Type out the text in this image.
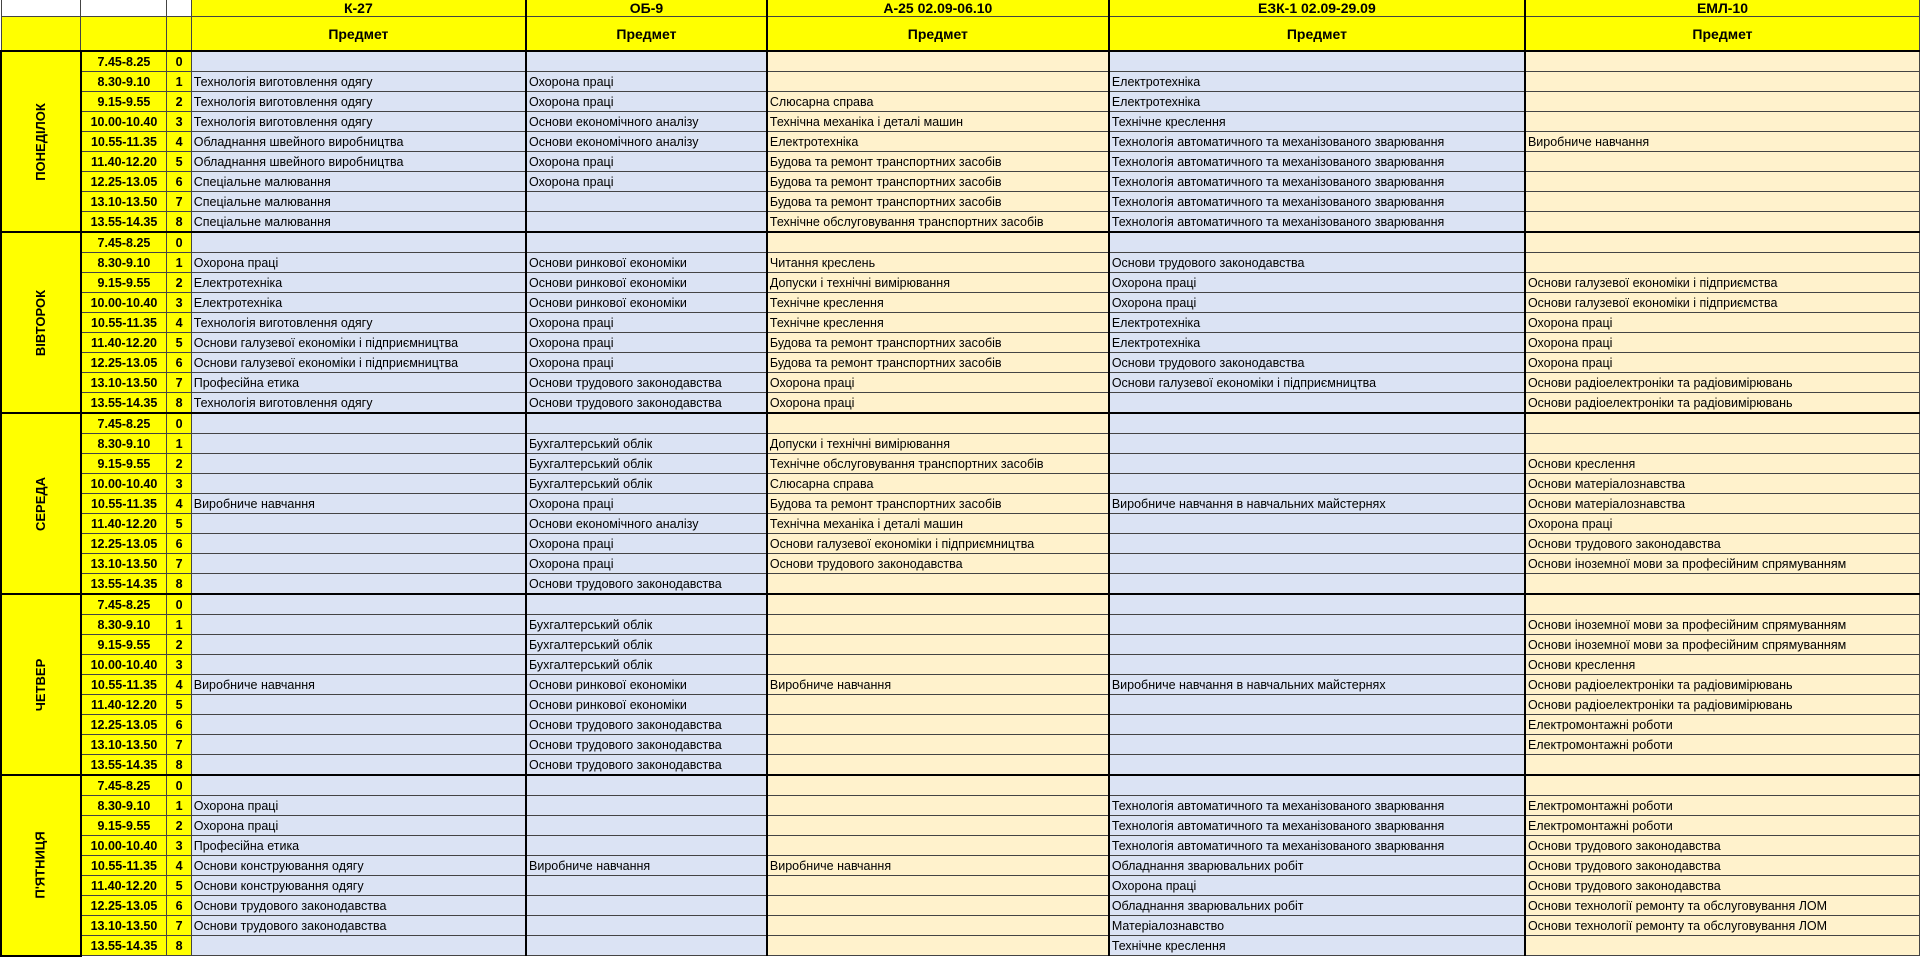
			К-27	ОБ-9	А-25 02.09-06.10	ЕЗК-1 02.09-29.09	ЕМЛ-10
			Предмет	Предмет	Предмет	Предмет	Предмет
ПОНЕДІЛОК	7.45-8.25	0					
	8.30-9.10	1	Технологія виготовлення одягу	Охорона праці		Електротехніка	
	9.15-9.55	2	Технологія виготовлення одягу	Охорона праці	Слюсарна справа	Електротехніка	
	10.00-10.40	3	Технологія виготовлення одягу	Основи економічного аналізу	Технічна механіка і деталі машин	Технічне креслення	
	10.55-11.35	4	Обладнання швейного виробництва	Основи економічного аналізу	Електротехніка	Технологія автоматичного та механізованого зварювання	Виробниче навчання
	11.40-12.20	5	Обладнання швейного виробництва	Охорона праці	Будова та ремонт транспортних засобів	Технологія автоматичного та механізованого зварювання	
	12.25-13.05	6	Спеціальне малювання	Охорона праці	Будова та ремонт транспортних засобів	Технологія автоматичного та механізованого зварювання	
	13.10-13.50	7	Спеціальне малювання		Будова та ремонт транспортних засобів	Технологія автоматичного та механізованого зварювання	
	13.55-14.35	8	Спеціальне малювання		Технічне обслуговування транспортних засобів	Технологія автоматичного та механізованого зварювання	
ВІВТОРОК	7.45-8.25	0					
	8.30-9.10	1	Охорона праці	Основи ринкової економіки	Читання креслень	Основи трудового законодавства	
	9.15-9.55	2	Електротехніка	Основи ринкової економіки	Допуски і технічні вимірювання	Охорона праці	Основи галузевої економіки і підприємства
	10.00-10.40	3	Електротехніка	Основи ринкової економіки	Технічне креслення	Охорона праці	Основи галузевої економіки і підприємства
	10.55-11.35	4	Технологія виготовлення одягу	Охорона праці	Технічне креслення	Електротехніка	Охорона праці
	11.40-12.20	5	Основи галузевої економіки і підприємництва	Охорона праці	Будова та ремонт транспортних засобів	Електротехніка	Охорона праці
	12.25-13.05	6	Основи галузевої економіки і підприємництва	Охорона праці	Будова та ремонт транспортних засобів	Основи трудового законодавства	Охорона праці
	13.10-13.50	7	Професійна етика	Основи трудового законодавства	Охорона праці	Основи галузевої економіки і підприємництва	Основи радіоелектроніки та радіовимірювань
	13.55-14.35	8	Технологія виготовлення одягу	Основи трудового законодавства	Охорона праці		Основи радіоелектроніки та радіовимірювань
СЕРЕДА	7.45-8.25	0					
	8.30-9.10	1		Бухгалтерський облік	Допуски і технічні вимірювання		
	9.15-9.55	2		Бухгалтерський облік	Технічне обслуговування транспортних засобів		Основи креслення
	10.00-10.40	3		Бухгалтерський облік	Слюсарна справа		Основи матеріалознавства
	10.55-11.35	4	Виробниче навчання	Охорона праці	Будова та ремонт транспортних засобів	Виробниче навчання в навчальних майстернях	Основи матеріалознавства
	11.40-12.20	5		Основи економічного аналізу	Технічна механіка і деталі машин		Охорона праці
	12.25-13.05	6		Охорона праці	Основи галузевої економіки і підприємництва		Основи трудового законодавства
	13.10-13.50	7		Охорона праці	Основи трудового законодавства		Основи іноземної мови за професійним спрямуванням
	13.55-14.35	8		Основи трудового законодавства			
ЧЕТВЕР	7.45-8.25	0					
	8.30-9.10	1		Бухгалтерський облік			Основи іноземної мови за професійним спрямуванням
	9.15-9.55	2		Бухгалтерський облік			Основи іноземної мови за професійним спрямуванням
	10.00-10.40	3		Бухгалтерський облік			Основи креслення
	10.55-11.35	4	Виробниче навчання	Основи ринкової економіки	Виробниче навчання	Виробниче навчання в навчальних майстернях	Основи радіоелектроніки та радіовимірювань
	11.40-12.20	5		Основи ринкової економіки			Основи радіоелектроніки та радіовимірювань
	12.25-13.05	6		Основи трудового законодавства			Електромонтажні роботи
	13.10-13.50	7		Основи трудового законодавства			Електромонтажні роботи
	13.55-14.35	8		Основи трудового законодавства			
П'ЯТНИЦЯ	7.45-8.25	0					
	8.30-9.10	1	Охорона праці			Технологія автоматичного та механізованого зварювання	Електромонтажні роботи
	9.15-9.55	2	Охорона праці			Технологія автоматичного та механізованого зварювання	Електромонтажні роботи
	10.00-10.40	3	Професійна етика			Технологія автоматичного та механізованого зварювання	Основи трудового законодавства
	10.55-11.35	4	Основи конструювання одягу	Виробниче навчання	Виробниче навчання	Обладнання зварювальних робіт	Основи трудового законодавства
	11.40-12.20	5	Основи конструювання одягу			Охорона праці	Основи трудового законодавства
	12.25-13.05	6	Основи трудового законодавства			Обладнання зварювальних робіт	Основи технології ремонту та обслуговування ЛОМ
	13.10-13.50	7	Основи трудового законодавства			Матеріалознавство	Основи технології ремонту та обслуговування ЛОМ
	13.55-14.35	8				Технічне креслення	
